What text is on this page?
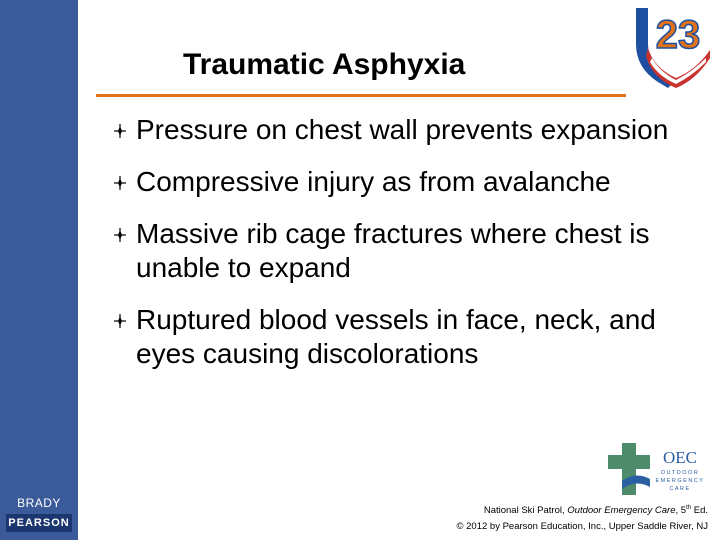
BRADY
PEARSON
Traumatic Asphyxia
23
Pressure on chest wall prevents expansion
Compressive injury as from avalanche
Massive rib cage fractures where chest is unable to expand
Ruptured blood vessels in face, neck, and eyes causing discolorations
OEC
OUTDOOR
EMERGENCY
CARE
National Ski Patrol, Outdoor Emergency Care, 5th Ed.
© 2012 by Pearson Education, Inc., Upper Saddle River, NJ
